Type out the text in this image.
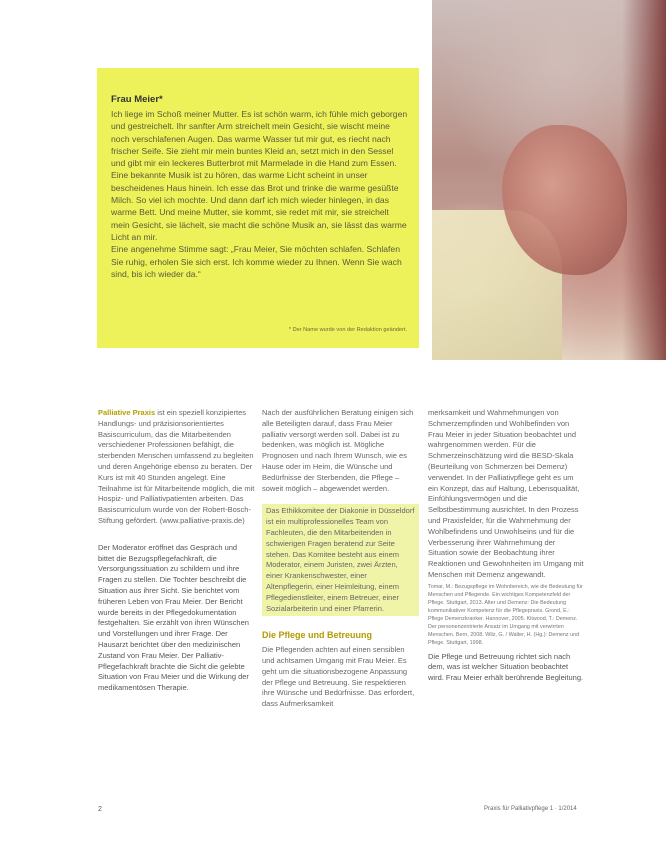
Frau Meier*

Ich liege im Schoß meiner Mutter. Es ist schön warm, ich fühle mich geborgen und gestreichelt. Ihr sanfter Arm streichelt mein Gesicht, sie wischt meine noch verschlafenen Augen. Das warme Wasser tut mir gut, es riecht nach frischer Seife. Sie zieht mir mein buntes Kleid an, setzt mich in den Sessel und gibt mir ein leckeres Butterbrot mit Marmelade in die Hand zum Essen. Eine bekannte Musik ist zu hören, das warme Licht scheint in unser bescheidenes Haus hinein. Ich esse das Brot und trinke die warme gesüßte Milch. So viel ich mochte. Und dann darf ich mich wieder hinlegen, in das warme Bett. Und meine Mutter, sie kommt, sie redet mit mir, sie streichelt mein Gesicht, sie lächelt, sie macht die schöne Musik an, sie lässt das warme Licht an mir.

Eine angenehme Stimme sagt: „Frau Meier, Sie möchten schlafen. Schlafen Sie ruhig, erholen Sie sich erst. Ich komme wieder zu Ihnen. Wenn Sie wach sind, bis ich wieder da.“

* Der Name wurde von der Redaktion geändert.

Palliative Praxis ist ein speziell konzipiertes Handlungs- und präzisionsorientiertes Basiscurriculum, das die Mitarbeitenden verschiedener Professionen befähigt, die sterbenden Menschen umfassend zu begleiten und deren Angehörige ebenso zu beraten. Der Kurs ist mit 40 Stunden angelegt. Eine Teilnahme ist für Mitarbeitende möglich, die mit Hospiz- und Palliativpatienten arbeiten. Das Basiscurriculum wurde von der Robert-Bosch-Stiftung gefördert. (www.palliative-praxis.de)

Der Moderator eröffnet das Gespräch und bittet die Bezugspflegefachkraft, die Versorgungssituation zu schildern und ihre Fragen zu stellen. Die Tochter beschreibt die Situation aus ihrer Sicht. Sie berichtet vom früheren Leben von Frau Meier. Der Bericht wurde bereits in der Pflegedokumentation festgehalten. Sie erzählt von ihren Wünschen und Vorstellungen und ihrer Frage. Der Hausarzt berichtet über den medizinischen Zustand von Frau Meier. Der Palliativ-Pflegefachkraft brachte die Sicht die gelebte Situation von Frau Meier und die Wirkung der medikamentösen Therapie.

Nach der ausführlichen Beratung einigen sich alle Beteiligten darauf, dass Frau Meier palliativ versorgt werden soll. Dabei ist zu bedenken, was möglich ist. Mögliche Prognosen und nach Ihrem Wunsch, wie es Hause oder im Heim, die Wünsche und Bedürfnisse der Sterbenden, die Pflege – soweit möglich – abgewendet werden.

Das Ethikkomitee der Diakonie in Düsseldorf ist ein multiprofessionelles Team von Fachleuten, die den Mitarbeitenden in schwierigen Fragen beratend zur Seite stehen. Das Komitee besteht aus einem Moderator, einem Juristen, zwei Ärzten, einer Krankenschwester, einer Altenpflegerin, einer Heimleitung, einem Pflegedienstleiter, einem Betreuer, einer Sozialarbeiterin und einer Pfarrerin.

Die Pflege und Betreuung

Die Pflegenden achten auf einen sensiblen und achtsamen Umgang mit Frau Meier. Es geht um die situationsbezogene Anpassung der Pflege und Betreuung. Sie respektieren ihre Wünsche und Bedürfnisse. Das erfordert, dass Aufmerksamkeit

merksamkeit und Wahrnehmungen von Schmerzempfinden und Wohlbefinden von Frau Meier in jeder Situation beobachtet und wahrgenommen werden. Für die Schmerzeinschätzung wird die BESD-Skala (Beurteilung von Schmerzen bei Demenz) verwendet. In der Palliativpflege geht es um ein Konzept, das auf Haltung, Lebensqualität, Einfühlungsvermögen und die Selbstbestimmung ausrichtet. In den Prozess und Praxisfelder, für die Wahrnehmung der Wohlbefindens und Unwohlseins und für die Verbesserung ihrer Wahrnehmung der Situation sowie der Beobachtung ihrer Reaktionen und Gewohnheiten im Umgang mit Menschen mit Demenz angewandt.

Tomar, M.: Bezugspflege im Wohnbereich, wie die Bedeutung für Menschen und Pflegende. Ein wichtiges Kompetenzfeld der Pflege. Stuttgart, 2013. Alter und Demenz: Die Bedeutung kommunikativer Kompetenz für die Pflegepraxis. Grond, E.: Pflege Demenzkranker. Hannover, 2005. Kitwood, T.: Demenz. Der personenzentrierte Ansatz im Umgang mit verwirrten Menschen. Bern, 2008. Wilz, G. / Walter, H. (Hg.): Demenz und Pflege. Stuttgart, 1998.

Die Pflege und Betreuung richtet sich nach dem, was ist welcher Situation beobachtet wird. Frau Meier erhält berührende Begleitung.

2	Praxis für Palliativpflege 1 · 1/2014
